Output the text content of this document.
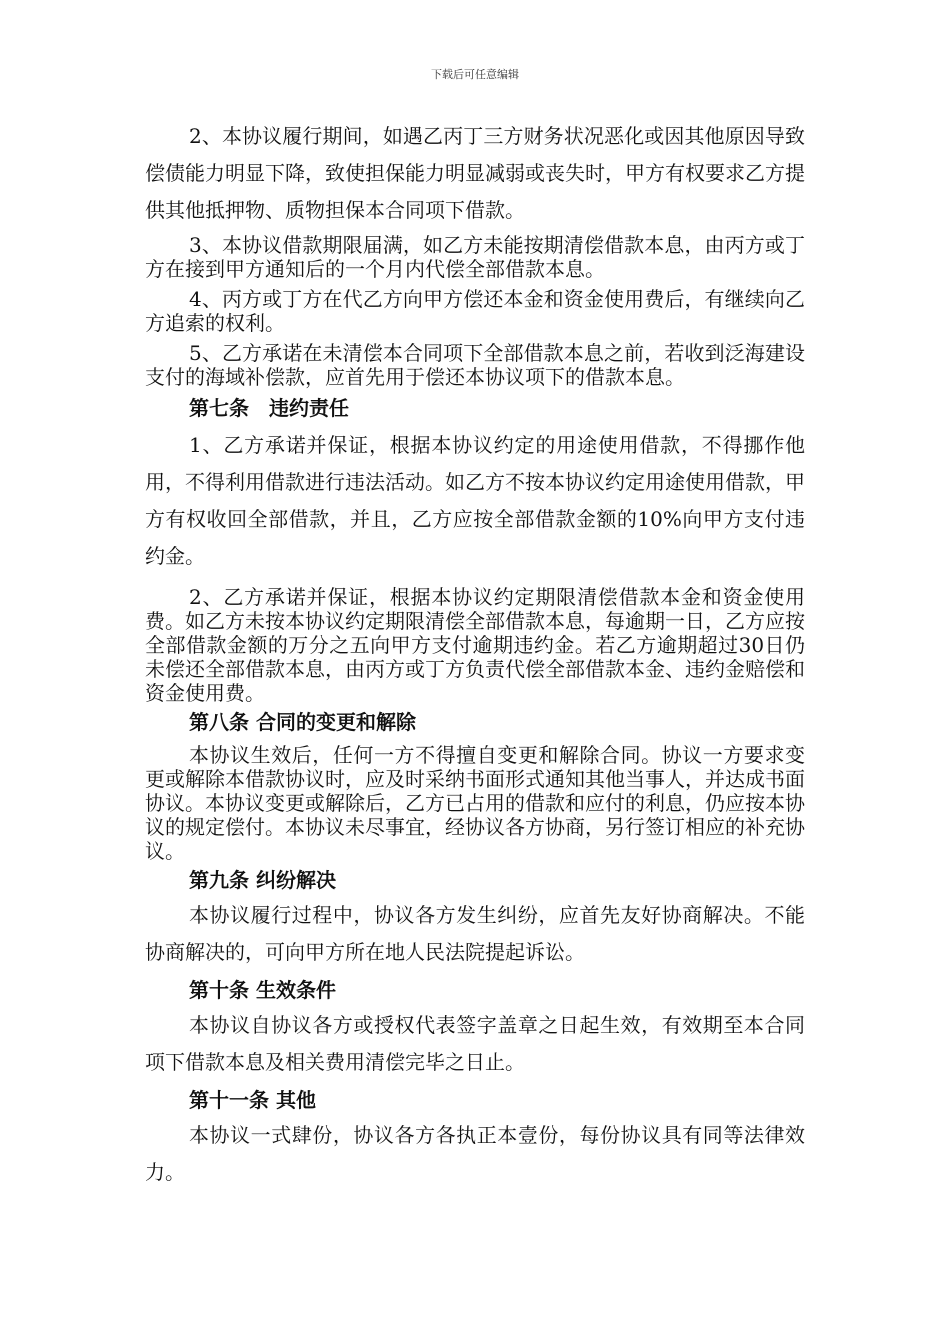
下载后可任意编辑

2、本协议履行期间，如遇乙丙丁三方财务状况恶化或因其他原因导致偿债能力明显下降，致使担保能力明显减弱或丧失时，甲方有权要求乙方提供其他抵押物、质物担保本合同项下借款。

3、本协议借款期限届满，如乙方未能按期清偿借款本息，由丙方或丁方在接到甲方通知后的一个月内代偿全部借款本息。

4、丙方或丁方在代乙方向甲方偿还本金和资金使用费后，有继续向乙方追索的权利。

5、乙方承诺在未清偿本合同项下全部借款本息之前，若收到泛海建设支付的海域补偿款，应首先用于偿还本协议项下的借款本息。

第七条　违约责任

1、乙方承诺并保证，根据本协议约定的用途使用借款，不得挪作他用，不得利用借款进行违法活动。如乙方不按本协议约定用途使用借款，甲方有权收回全部借款，并且，乙方应按全部借款金额的10%向甲方支付违约金。

2、乙方承诺并保证，根据本协议约定期限清偿借款本金和资金使用费。如乙方未按本协议约定期限清偿全部借款本息，每逾期一日，乙方应按全部借款金额的万分之五向甲方支付逾期违约金。若乙方逾期超过30日仍未偿还全部借款本息，由丙方或丁方负责代偿全部借款本金、违约金赔偿和资金使用费。

第八条 合同的变更和解除

本协议生效后，任何一方不得擅自变更和解除合同。协议一方要求变更或解除本借款协议时，应及时采纳书面形式通知其他当事人，并达成书面协议。本协议变更或解除后，乙方已占用的借款和应付的利息，仍应按本协议的规定偿付。本协议未尽事宜，经协议各方协商，另行签订相应的补充协议。

第九条 纠纷解决

本协议履行过程中，协议各方发生纠纷，应首先友好协商解决。不能协商解决的，可向甲方所在地人民法院提起诉讼。

第十条 生效条件

本协议自协议各方或授权代表签字盖章之日起生效，有效期至本合同项下借款本息及相关费用清偿完毕之日止。

第十一条 其他

本协议一式肆份，协议各方各执正本壹份，每份协议具有同等法律效力。
